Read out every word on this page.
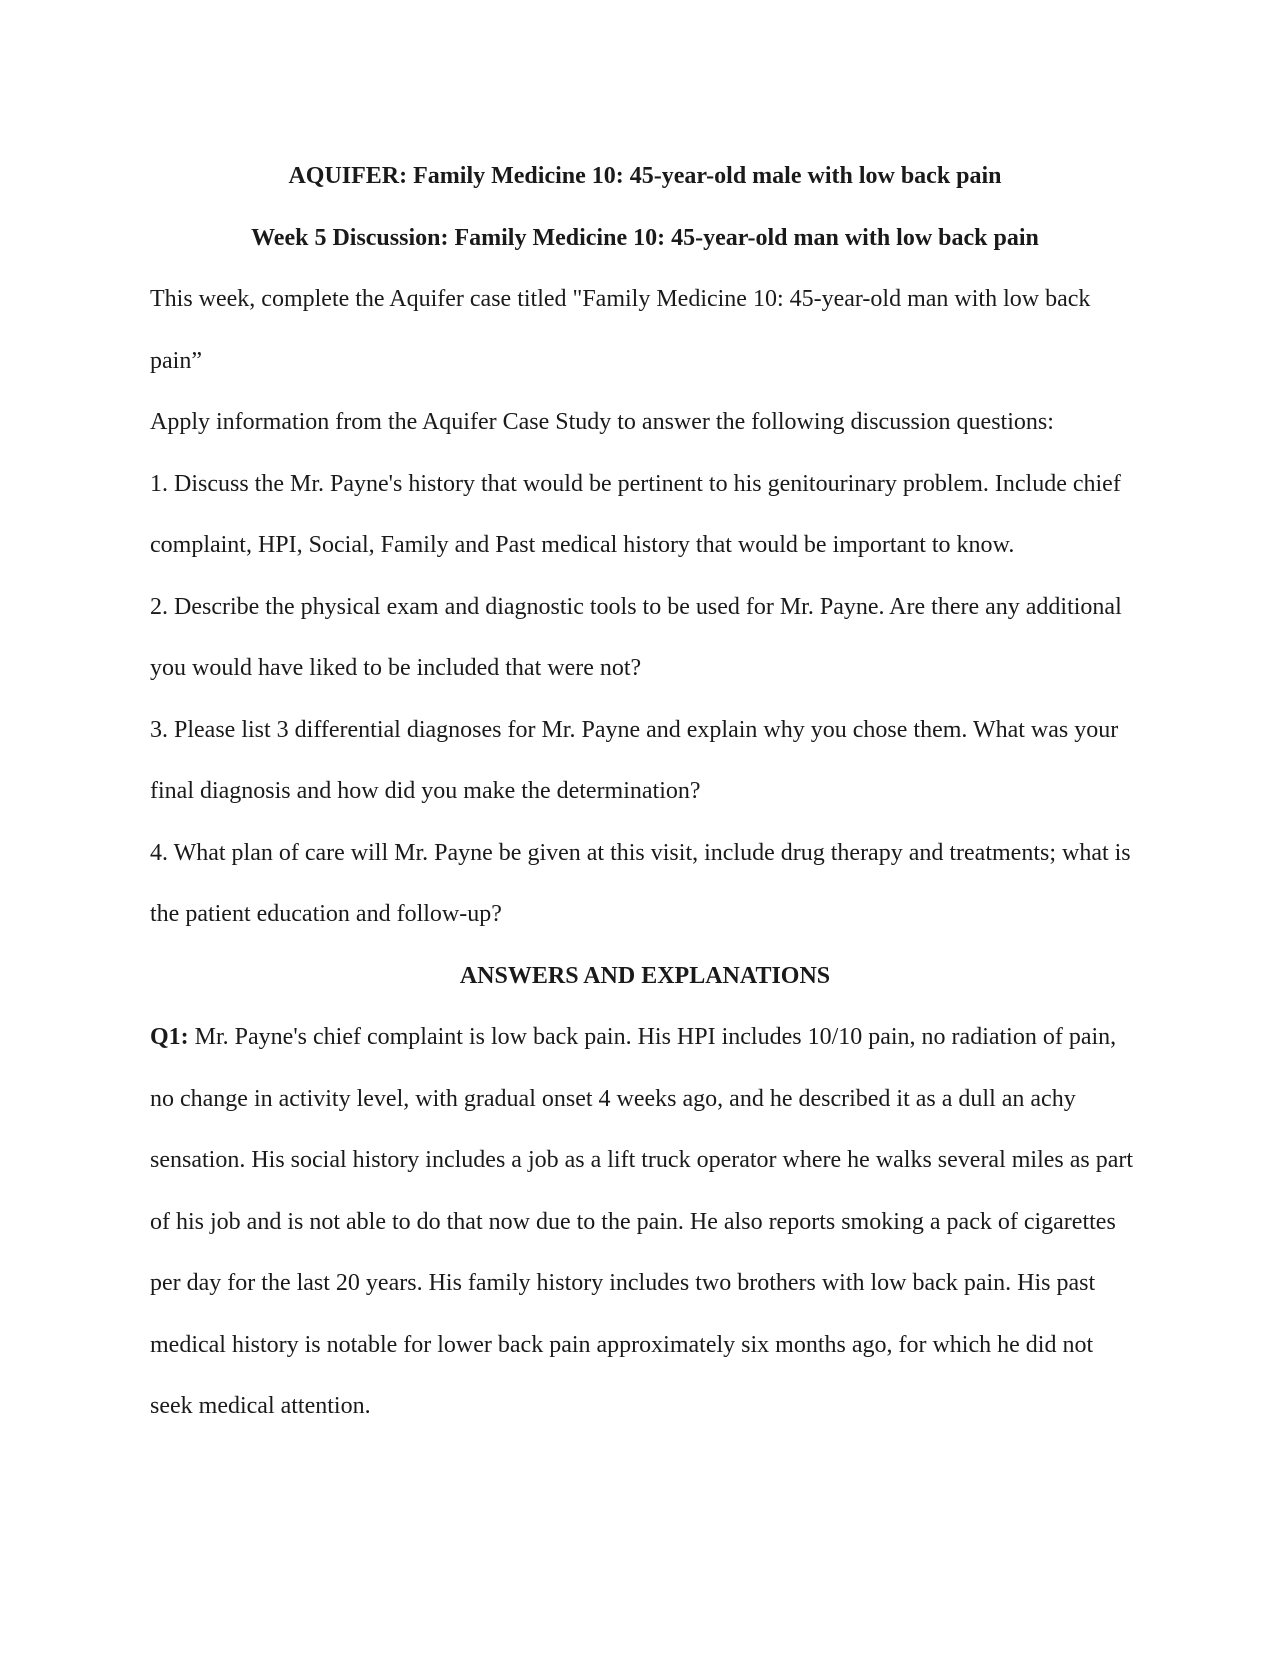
AQUIFER: Family Medicine 10: 45-year-old male with low back pain

Week 5 Discussion: Family Medicine 10: 45-year-old man with low back pain

This week, complete the Aquifer case titled "Family Medicine 10: 45-year-old man with low back pain”

Apply information from the Aquifer Case Study to answer the following discussion questions:

1. Discuss the Mr. Payne's history that would be pertinent to his genitourinary problem. Include chief complaint, HPI, Social, Family and Past medical history that would be important to know.

2. Describe the physical exam and diagnostic tools to be used for Mr. Payne. Are there any additional you would have liked to be included that were not?

3. Please list 3 differential diagnoses for Mr. Payne and explain why you chose them. What was your final diagnosis and how did you make the determination?

4. What plan of care will Mr. Payne be given at this visit, include drug therapy and treatments; what is the patient education and follow-up?

ANSWERS AND EXPLANATIONS

Q1: Mr. Payne's chief complaint is low back pain. His HPI includes 10/10 pain, no radiation of pain, no change in activity level, with gradual onset 4 weeks ago, and he described it as a dull an achy sensation. His social history includes a job as a lift truck operator where he walks several miles as part of his job and is not able to do that now due to the pain. He also reports smoking a pack of cigarettes per day for the last 20 years. His family history includes two brothers with low back pain. His past medical history is notable for lower back pain approximately six months ago, for which he did not seek medical attention.
